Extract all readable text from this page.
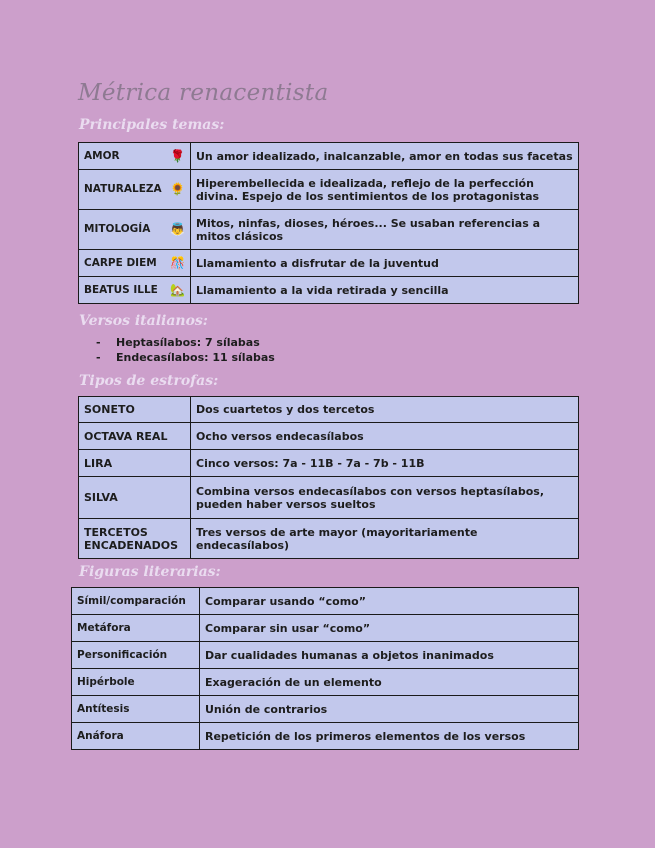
Métrica renacentista
Principales temas:
AMOR 🌹	Un amor idealizado, inalcanzable, amor en todas sus facetas

NATURALEZA 🌻	Hiperembellecida e idealizada, reflejo de la perfección divina. Espejo de los sentimientos de los protagonistas

MITOLOGÍA 👼	Mitos, ninfas, dioses, héroes... Se usaban referencias a mitos clásicos

CARPE DIEM 🎊	Llamamiento a disfrutar de la juventud

BEATUS ILLE 🏡	Llamamiento a la vida retirada y sencilla
Versos italianos:
- Heptasílabos: 7 sílabas
- Endecasílabos: 11 sílabas
Tipos de estrofas:
SONETO	Dos cuartetos y dos tercetos

OCTAVA REAL	Ocho versos endecasílabos

LIRA	Cinco versos: 7a - 11B - 7a - 7b - 11B

SILVA	Combina versos endecasílabos con versos heptasílabos, pueden haber versos sueltos

TERCETOS ENCADENADOS	Tres versos de arte mayor (mayoritariamente endecasílabos)
Figuras literarias:
Símil/comparación	Comparar usando “como”

Metáfora	Comparar sin usar “como”

Personificación	Dar cualidades humanas a objetos inanimados

Hipérbole	Exageración de un elemento

Antítesis	Unión de contrarios

Anáfora	Repetición de los primeros elementos de los versos
